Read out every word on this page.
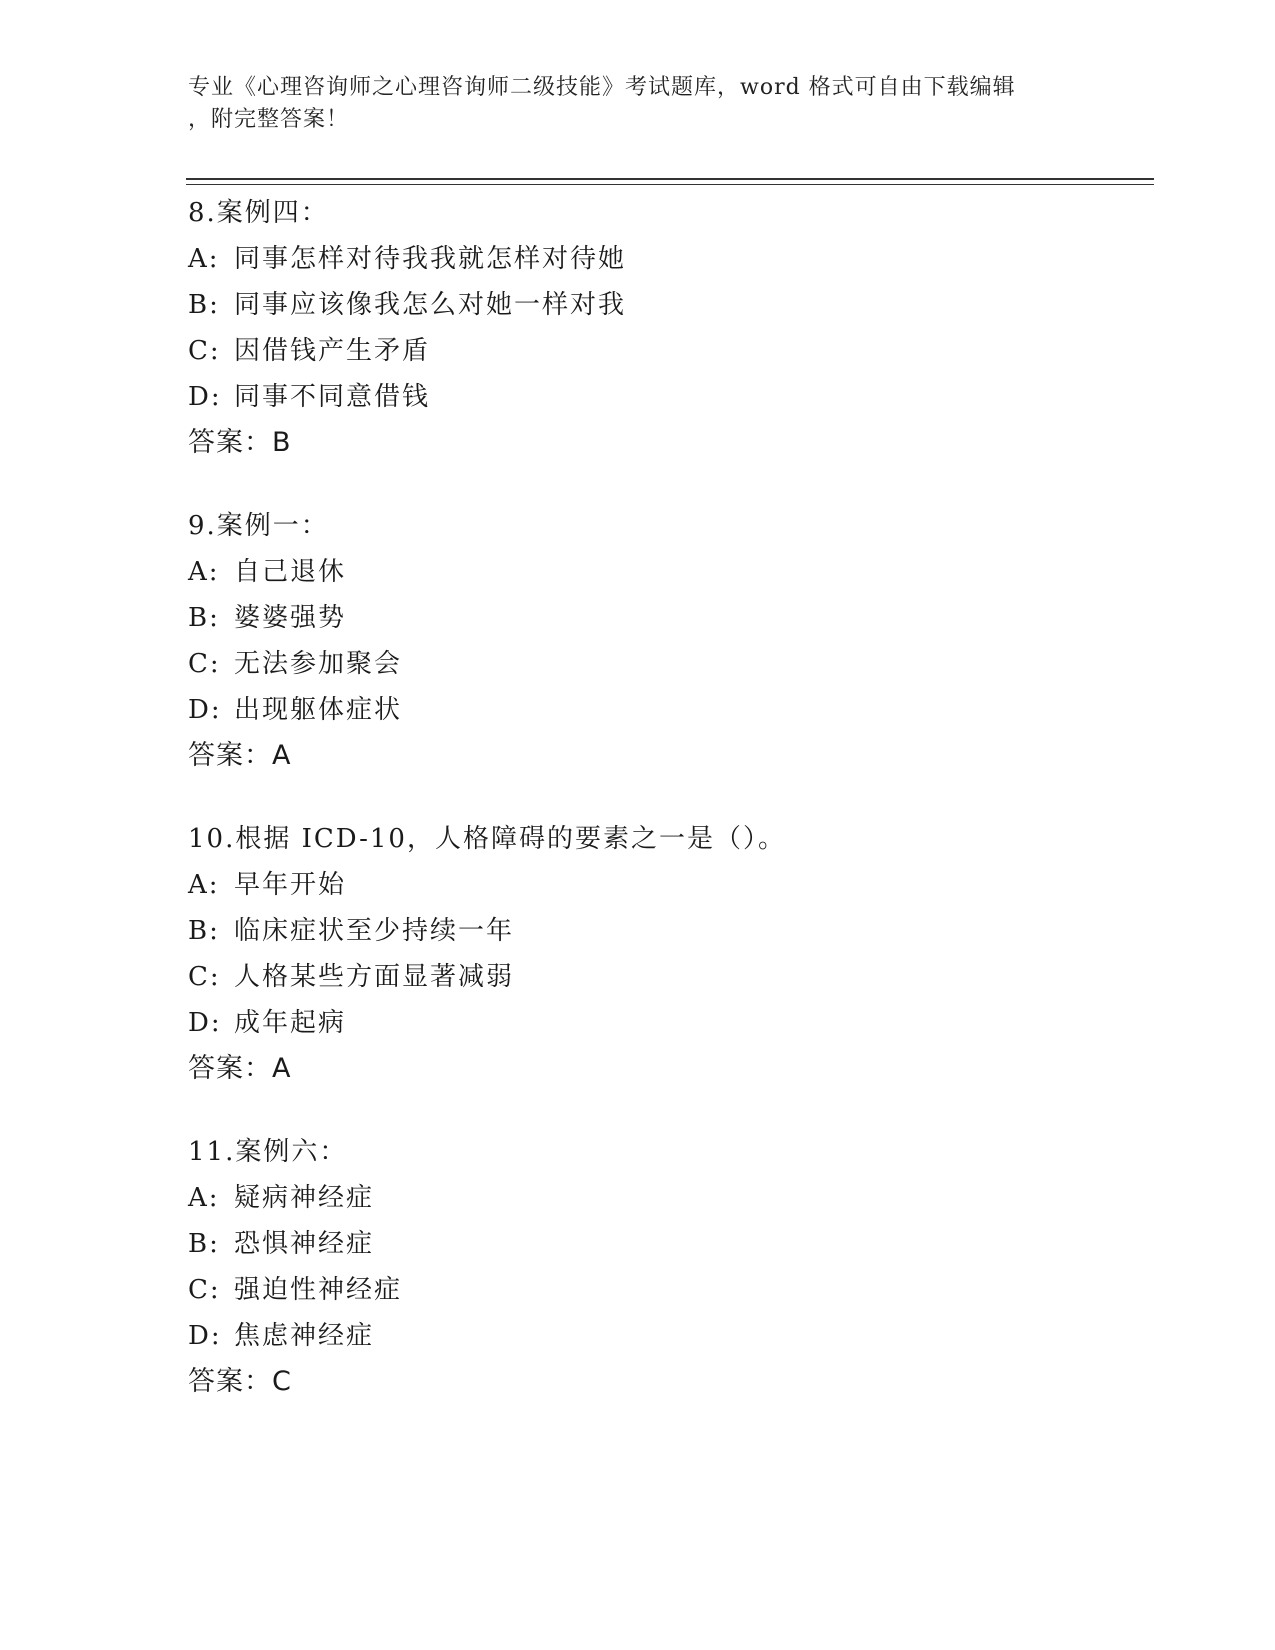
专业《心理咨询师之心理咨询师二级技能》考试题库，word 格式可自由下载编辑
，附完整答案！
8.案例四：
A: 同事怎样对待我我就怎样对待她
B: 同事应该像我怎么对她一样对我
C: 因借钱产生矛盾
D: 同事不同意借钱
答案：B
9.案例一：
A: 自己退休
B: 婆婆强势
C: 无法参加聚会
D: 出现躯体症状
答案：A
10.根据 ICD-10，人格障碍的要素之一是（）。
A: 早年开始
B: 临床症状至少持续一年
C: 人格某些方面显著减弱
D: 成年起病
答案：A
11.案例六：
A: 疑病神经症
B: 恐惧神经症
C: 强迫性神经症
D: 焦虑神经症
答案：C
